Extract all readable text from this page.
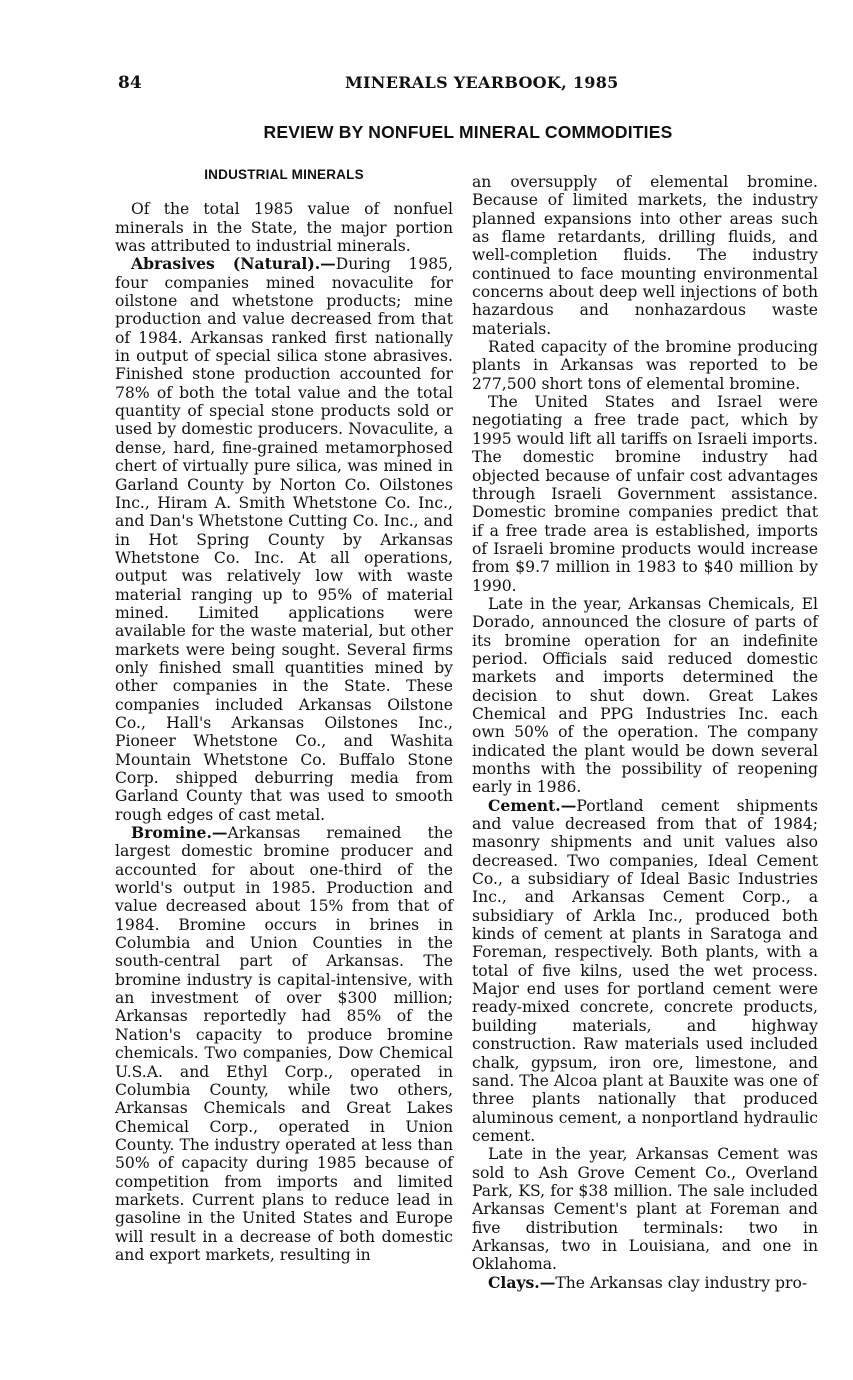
84	MINERALS YEARBOOK, 1985
REVIEW BY NONFUEL MINERAL COMMODITIES
INDUSTRIAL MINERALS

Of the total 1985 value of nonfuel minerals in the State, the major portion was attributed to industrial minerals.

Abrasives (Natural).—During 1985, four companies mined novaculite for oilstone and whetstone products; mine production and value decreased from that of 1984. Arkansas ranked first nationally in output of special silica stone abrasives. Finished stone production accounted for 78% of both the total value and the total quantity of special stone products sold or used by domestic producers. Novaculite, a dense, hard, fine-grained metamorphosed chert of virtually pure silica, was mined in Garland County by Norton Co. Oilstones Inc., Hiram A. Smith Whetstone Co. Inc., and Dan's Whetstone Cutting Co. Inc., and in Hot Spring County by Arkansas Whetstone Co. Inc. At all operations, output was relatively low with waste material ranging up to 95% of material mined. Limited applications were available for the waste material, but other markets were being sought. Several firms only finished small quantities mined by other companies in the State. These companies included Arkansas Oilstone Co., Hall's Arkansas Oilstones Inc., Pioneer Whetstone Co., and Washita Mountain Whetstone Co. Buffalo Stone Corp. shipped deburring media from Garland County that was used to smooth rough edges of cast metal.

Bromine.—Arkansas remained the largest domestic bromine producer and accounted for about one-third of the world's output in 1985. Production and value decreased about 15% from that of 1984. Bromine occurs in brines in Columbia and Union Counties in the south-central part of Arkansas. The bromine industry is capital-intensive, with an investment of over $300 million; Arkansas reportedly had 85% of the Nation's capacity to produce bromine chemicals. Two companies, Dow Chemical U.S.A. and Ethyl Corp., operated in Columbia County, while two others, Arkansas Chemicals and Great Lakes Chemical Corp., operated in Union County. The industry operated at less than 50% of capacity during 1985 because of competition from imports and limited markets. Current plans to reduce lead in gasoline in the United States and Europe will result in a decrease of both domestic and export markets, resulting in

an oversupply of elemental bromine. Because of limited markets, the industry planned expansions into other areas such as flame retardants, drilling fluids, and well-completion fluids. The industry continued to face mounting environmental concerns about deep well injections of both hazardous and nonhazardous waste materials.

Rated capacity of the bromine producing plants in Arkansas was reported to be 277,500 short tons of elemental bromine.

The United States and Israel were negotiating a free trade pact, which by 1995 would lift all tariffs on Israeli imports. The domestic bromine industry had objected because of unfair cost advantages through Israeli Government assistance. Domestic bromine companies predict that if a free trade area is established, imports of Israeli bromine products would increase from $9.7 million in 1983 to $40 million by 1990.

Late in the year, Arkansas Chemicals, El Dorado, announced the closure of parts of its bromine operation for an indefinite period. Officials said reduced domestic markets and imports determined the decision to shut down. Great Lakes Chemical and PPG Industries Inc. each own 50% of the operation. The company indicated the plant would be down several months with the possibility of reopening early in 1986.

Cement.—Portland cement shipments and value decreased from that of 1984; masonry shipments and unit values also decreased. Two companies, Ideal Cement Co., a subsidiary of Ideal Basic Industries Inc., and Arkansas Cement Corp., a subsidiary of Arkla Inc., produced both kinds of cement at plants in Saratoga and Foreman, respectively. Both plants, with a total of five kilns, used the wet process. Major end uses for portland cement were ready-mixed concrete, concrete products, building materials, and highway construction. Raw materials used included chalk, gypsum, iron ore, limestone, and sand. The Alcoa plant at Bauxite was one of three plants nationally that produced aluminous cement, a nonportland hydraulic cement.

Late in the year, Arkansas Cement was sold to Ash Grove Cement Co., Overland Park, KS, for $38 million. The sale included Arkansas Cement's plant at Foreman and five distribution terminals: two in Arkansas, two in Louisiana, and one in Oklahoma.

Clays.—The Arkansas clay industry pro-
